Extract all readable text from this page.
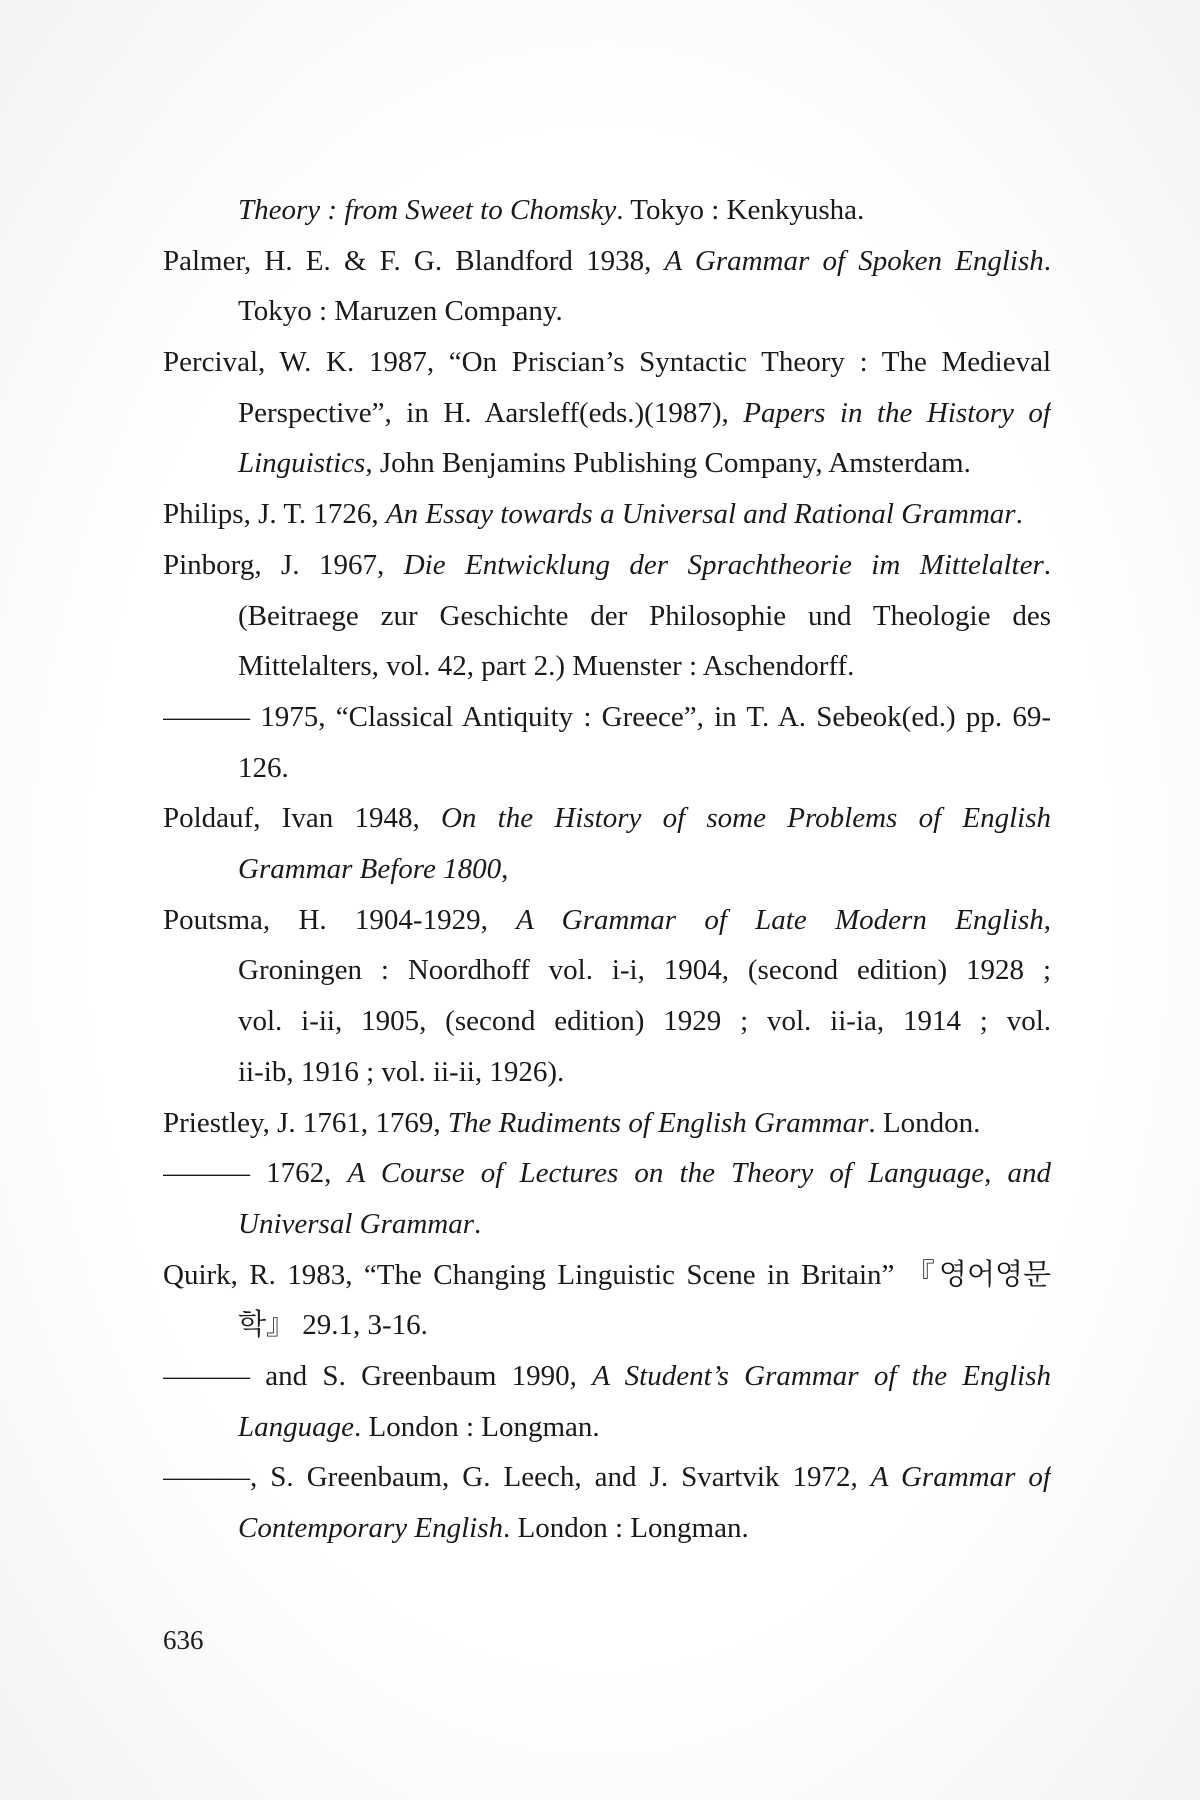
Theory : from Sweet to Chomsky. Tokyo : Kenkyusha.
Palmer, H. E. & F. G. Blandford 1938, A Grammar of Spoken English.
Tokyo : Maruzen Company.
Percival, W. K. 1987, “On Priscian’s Syntactic Theory : The Medieval
Perspective”, in H. Aarsleff(eds.)(1987), Papers in the History of
Linguistics, John Benjamins Publishing Company, Amsterdam.
Philips, J. T. 1726, An Essay towards a Universal and Rational Grammar.
Pinborg, J. 1967, Die Entwicklung der Sprachtheorie im Mittelalter.
(Beitraege zur Geschichte der Philosophie und Theologie des
Mittelalters, vol. 42, part 2.) Muenster : Aschendorff.
——— 1975, “Classical Antiquity : Greece”, in T. A. Sebeok(ed.) pp. 69-
126.
Poldauf, Ivan 1948, On the History of some Problems of English
Grammar Before 1800,
Poutsma, H. 1904-1929, A Grammar of Late Modern English,
Groningen : Noordhoff vol. i-i, 1904, (second edition) 1928 ;
vol. i-ii, 1905, (second edition) 1929 ; vol. ii-ia, 1914 ; vol.
ii-ib, 1916 ; vol. ii-ii, 1926).
Priestley, J. 1761, 1769, The Rudiments of English Grammar. London.
——— 1762, A Course of Lectures on the Theory of Language, and
Universal Grammar.
Quirk, R. 1983, “The Changing Linguistic Scene in Britain” 『영어영문
학』 29.1, 3-16.
——— and S. Greenbaum 1990, A Student’s Grammar of the English
Language. London : Longman.
———, S. Greenbaum, G. Leech, and J. Svartvik 1972, A Grammar of
Contemporary English. London : Longman.
636
